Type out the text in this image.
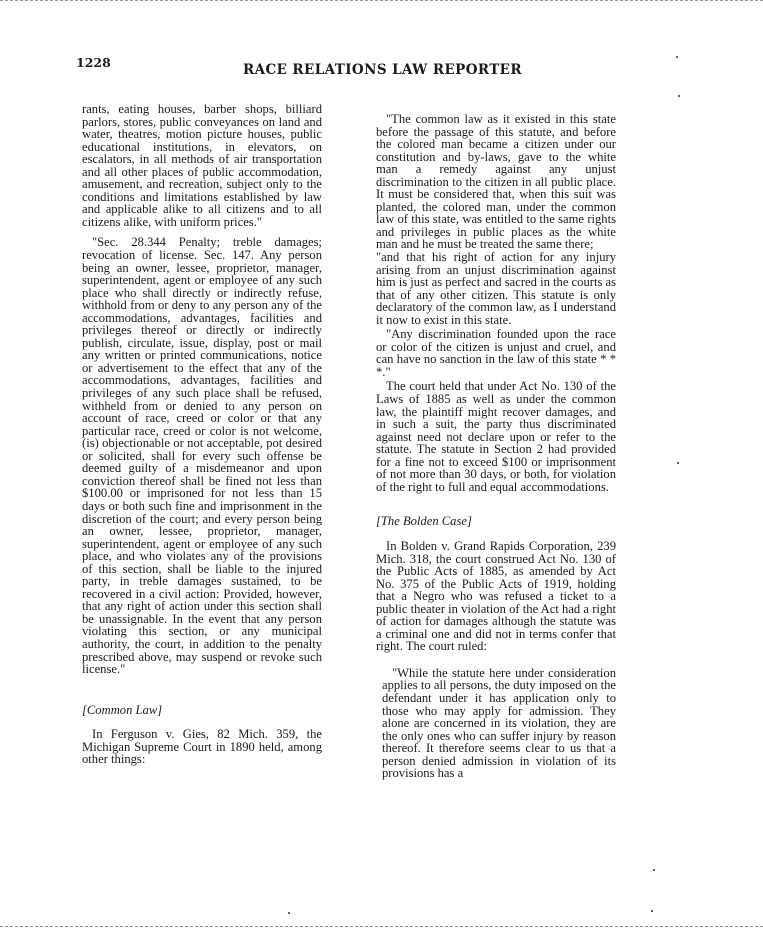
1228	RACE RELATIONS LAW REPORTER

rants, eating houses, barber shops, billiard parlors, stores, public conveyances on land and water, theatres, motion picture houses, public educational institutions, in elevators, on escalators, in all methods of air transportation and all other places of public accommodation, amusement, and recreation, subject only to the conditions and limitations established by law and applicable alike to all citizens and to all citizens alike, with uniform prices."

"Sec. 28.344 Penalty; treble damages; revocation of license. Sec. 147. Any person being an owner, lessee, proprietor, manager, superintendent, agent or employee of any such place who shall directly or indirectly refuse, withhold from or deny to any person any of the accommodations, advantages, facilities and privileges thereof or directly or indirectly publish, circulate, issue, display, post or mail any written or printed communications, notice or advertisement to the effect that any of the accommodations, advantages, facilities and privileges of any such place shall be refused, withheld from or denied to any person on account of race, creed or color or that any particular race, creed or color is not welcome, (is) objectionable or not acceptable, pot desired or solicited, shall for every such offense be deemed guilty of a misdemeanor and upon conviction thereof shall be fined not less than $100.00 or imprisoned for not less than 15 days or both such fine and imprisonment in the discretion of the court; and every person being an owner, lessee, proprietor, manager, superintendent, agent or employee of any such place, and who violates any of the provisions of this section, shall be liable to the injured party, in treble damages sustained, to be recovered in a civil action: Provided, however, that any right of action under this section shall be unassignable. In the event that any person violating this section, or any municipal authority, the court, in addition to the penalty prescribed above, may suspend or revoke such license."

[Common Law]

In Ferguson v. Gies, 82 Mich. 359, the Michigan Supreme Court in 1890 held, among other things:

"The common law as it existed in this state before the passage of this statute, and before the colored man became a citizen under our constitution and by-laws, gave to the white man a remedy against any unjust discrimination to the citizen in all public place. It must be considered that, when this suit was planted, the colored man, under the common law of this state, was entitled to the same rights and privileges in public places as the white man and he must be treated the same there;

"and that his right of action for any injury arising from an unjust discrimination against him is just as perfect and sacred in the courts as that of any other citizen. This statute is only declaratory of the common law, as I understand it now to exist in this state.

"Any discrimination founded upon the race or color of the citizen is unjust and cruel, and can have no sanction in the law of this state * * *."

The court held that under Act No. 130 of the Laws of 1885 as well as under the common law, the plaintiff might recover damages, and in such a suit, the party thus discriminated against need not declare upon or refer to the statute. The statute in Section 2 had provided for a fine not to exceed $100 or imprisonment of not more than 30 days, or both, for violation of the right to full and equal accommodations.

[The Bolden Case]

In Bolden v. Grand Rapids Corporation, 239 Mich. 318, the court construed Act No. 130 of the Public Acts of 1885, as amended by Act No. 375 of the Public Acts of 1919, holding that a Negro who was refused a ticket to a public theater in violation of the Act had a right of action for damages although the statute was a criminal one and did not in terms confer that right. The court ruled:

"While the statute here under consideration applies to all persons, the duty imposed on the defendant under it has application only to those who may apply for admission. They alone are concerned in its violation, they are the only ones who can suffer injury by reason thereof. It therefore seems clear to us that a person denied admission in violation of its provisions has a
